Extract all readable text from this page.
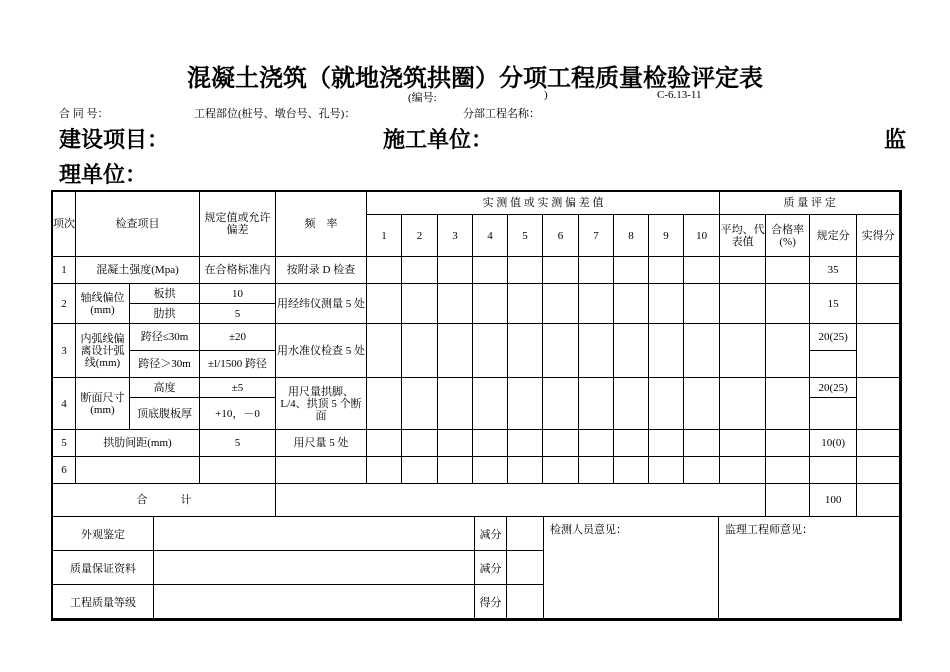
混凝土浇筑（就地浇筑拱圈）分项工程质量检验评定表
(编号:	)	C-6.13-11
合 同 号：	工程部位(桩号、墩台号、孔号)：	分部工程名称：
建设项目：	施工单位：	监
理单位：
项次	检查项目		规定值或允许偏差	频　率	实 测 值 或 实 测 偏 差 值										质 量 评 定			
					1	2	3	4	5	6	7	8	9	10	平均、代表值	合格率(%)	规定分	实得分
1	混凝土强度(Mpa)		在合格标准内	按附录 D 检查													35	
2	轴线偏位(mm)	板拱	10	用经纬仪测量 5 处													15	
		肋拱	5															
3	内弧线偏离设计弧线(mm)	跨径≤30m	±20	用水准仪检查 5 处													20(25)	
		跨径＞30m	±l/1500 跨径															
4	断面尺寸(mm)	高度	±5	用尺量拱脚、L/4、拱顶 5 个断面													20(25)	
		顶底腹板厚	+10，－0															
5	拱肋间距(mm)		5	用尺量 5 处													10(0)	
6																		
合　　　计																	100	
外观鉴定		减分		检测人员意见：	监理工程师意见：
质量保证资料		减分			
工程质量等级		得分			
